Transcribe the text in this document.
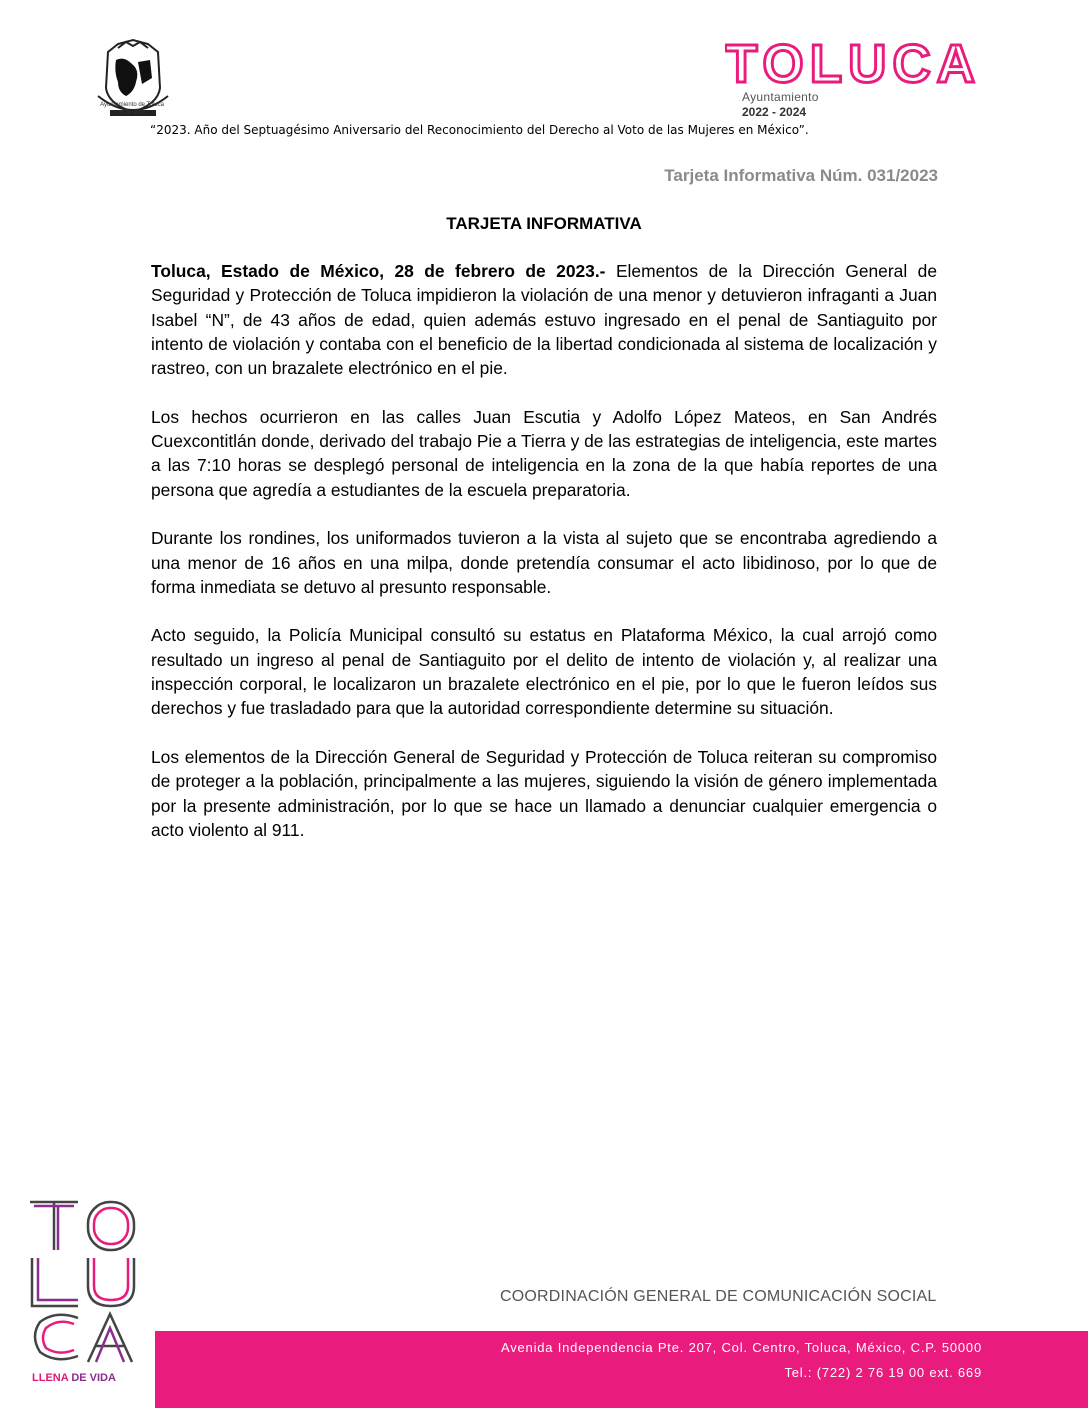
Ayuntamiento de Toluca
2022 - 2024
TOLUCA
Ayuntamiento
2022 - 2024
“2023. Año del Septuagésimo Aniversario del Reconocimiento del Derecho al Voto de las Mujeres en México”.
Tarjeta Informativa Núm. 031/2023
TARJETA INFORMATIVA

Toluca, Estado de México, 28 de febrero de 2023.- Elementos de la Dirección General de Seguridad y Protección de Toluca impidieron la violación de una menor y detuvieron infraganti a Juan Isabel “N”, de 43 años de edad, quien además estuvo ingresado en el penal de Santiaguito por intento de violación y contaba con el beneficio de la libertad condicionada al sistema de localización y rastreo, con un brazalete electrónico en el pie.

Los hechos ocurrieron en las calles Juan Escutia y Adolfo López Mateos, en San Andrés Cuexcontitlán donde, derivado del trabajo Pie a Tierra y de las estrategias de inteligencia, este martes a las 7:10 horas se desplegó personal de inteligencia en la zona de la que había reportes de una persona que agredía a estudiantes de la escuela preparatoria.

Durante los rondines, los uniformados tuvieron a la vista al sujeto que se encontraba agrediendo a una menor de 16 años en una milpa, donde pretendía consumar el acto libidinoso, por lo que de forma inmediata se detuvo al presunto responsable.

Acto seguido, la Policía Municipal consultó su estatus en Plataforma México, la cual arrojó como resultado un ingreso al penal de Santiaguito por el delito de intento de violación y, al realizar una inspección corporal, le localizaron un brazalete electrónico en el pie, por lo que le fueron leídos sus derechos y fue trasladado para que la autoridad correspondiente determine su situación.

Los elementos de la Dirección General de Seguridad y Protección de Toluca reiteran su compromiso de proteger a la población, principalmente a las mujeres, siguiendo la visión de género implementada por la presente administración, por lo que se hace un llamado a denunciar cualquier emergencia o acto violento al 911.

TOLUCA
LLENA DE VIDA
COORDINACIÓN GENERAL DE COMUNICACIÓN SOCIAL
Avenida Independencia Pte. 207, Col. Centro, Toluca, México, C.P. 50000
Tel.: (722) 2 76 19 00 ext. 669
